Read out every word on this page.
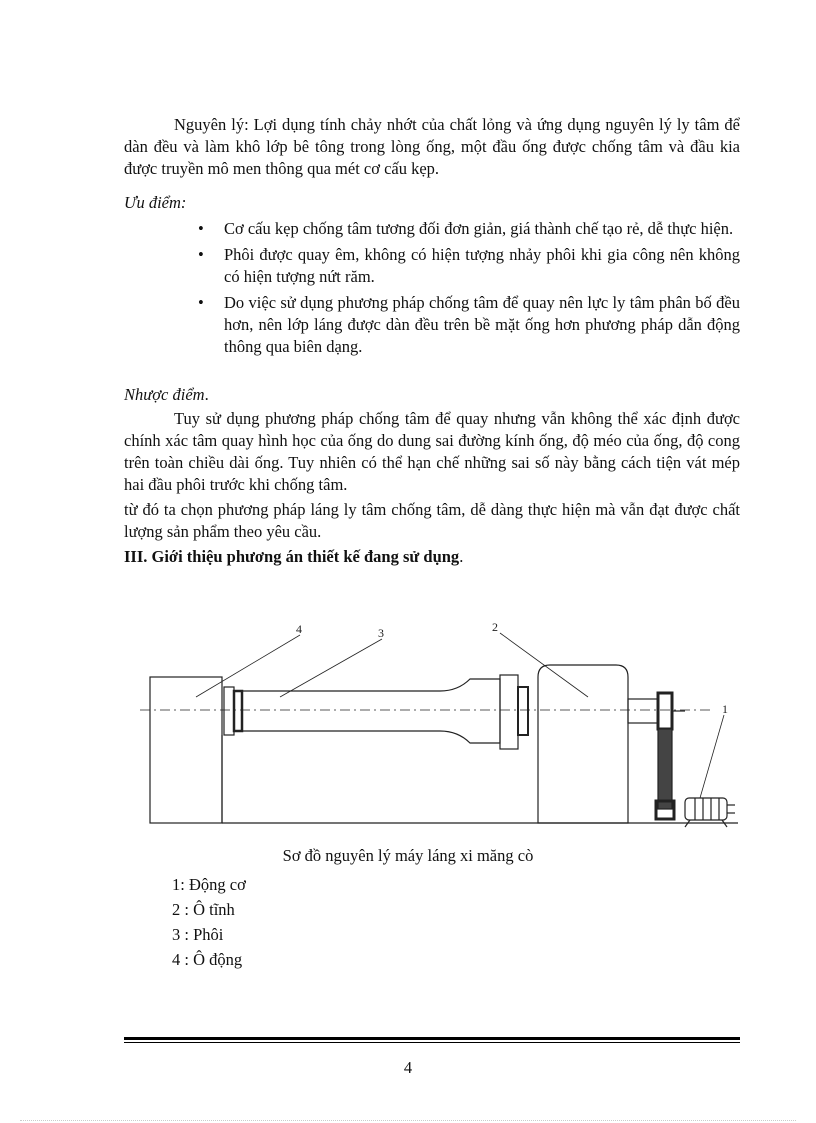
Nguyên lý: Lợi dụng tính chảy nhớt của chất lỏng và ứng dụng nguyên lý ly tâm để dàn đều và làm khô lớp bê tông trong lòng ống, một đầu ống được chống tâm và đầu kia được truyền mô men thông qua mét cơ cấu kẹp.

Ưu điểm:

• Cơ cấu kẹp chống tâm tương đối đơn giản, giá thành chế tạo rẻ, dễ thực hiện.
• Phôi được quay êm, không có hiện tượng nhảy phôi khi gia công nên không có hiện tượng nứt răm.
• Do việc sử dụng phương pháp chống tâm để quay nên lực ly tâm phân bố đều hơn, nên lớp láng được dàn đều trên bề mặt ống hơn phương pháp dẫn động thông qua biên dạng.

Nhược điểm.

Tuy sử dụng phương pháp chống tâm để quay nhưng vẫn không thể xác định được chính xác tâm quay hình học của ống do dung sai đường kính ống, độ méo của ống, độ cong trên toàn chiều dài ống. Tuy nhiên có thể hạn chế những sai số này bằng cách tiện vát mép hai đầu phôi trước khi chống tâm.

từ đó ta chọn phương pháp láng ly tâm chống tâm, dễ dàng thực hiện mà vẫn đạt được chất lượng sản phẩm theo yêu cầu.

III. Giới thiệu phương án thiết kế đang sử dụng.

4	3	2
1
Sơ đồ nguyên lý máy láng xi măng cò
1: Động cơ
2 : Ô tĩnh
3 : Phôi
4 : Ô động
4
